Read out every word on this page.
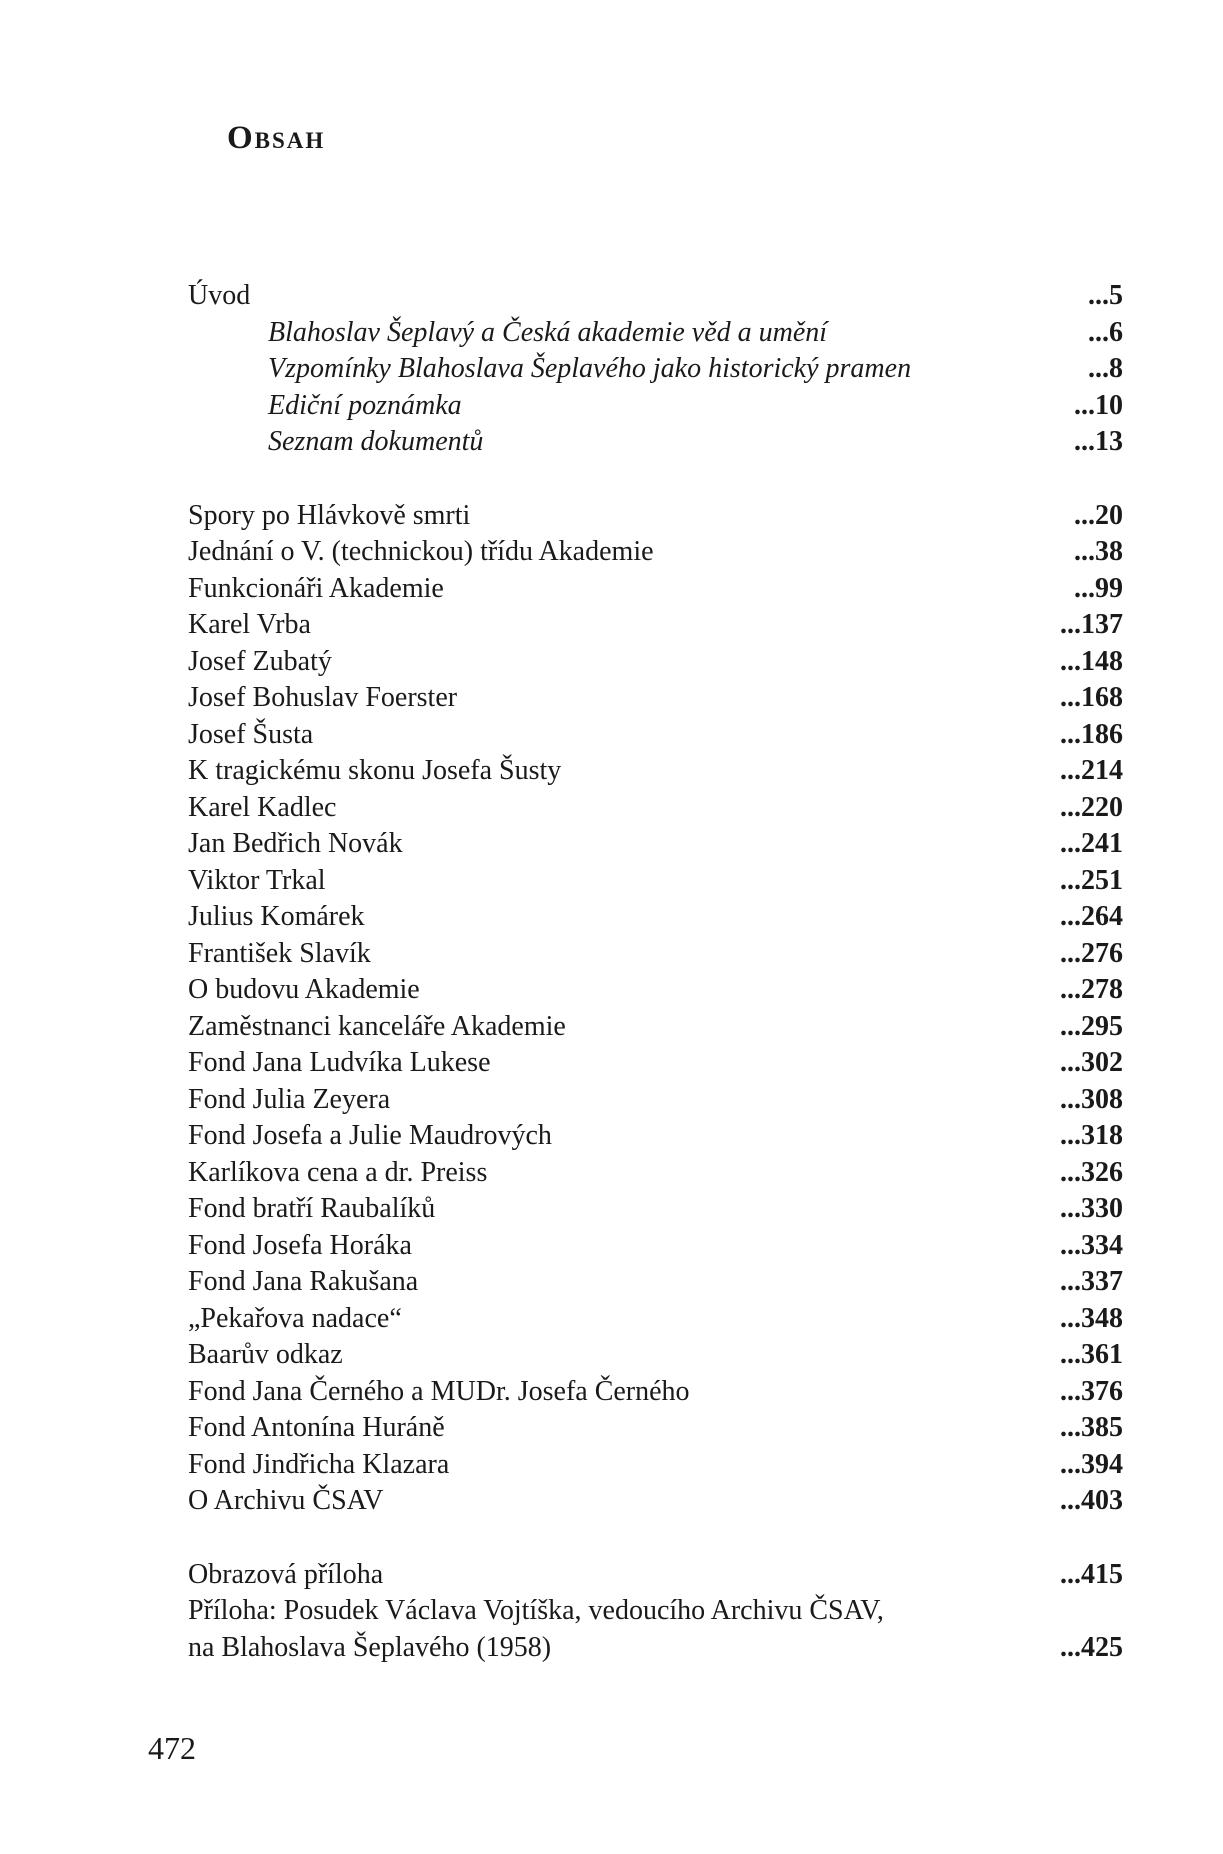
Obsah
Úvod	...5
Blahoslav Šeplavý a Česká akademie věd a umění	...6
Vzpomínky Blahoslava Šeplavého jako historický pramen	...8
Ediční poznámka	...10
Seznam dokumentů	...13
Spory po Hlávkově smrti	...20
Jednání o V. (technickou) třídu Akademie	...38
Funkcionáři Akademie	...99
Karel Vrba	...137
Josef Zubatý	...148
Josef Bohuslav Foerster	...168
Josef Šusta	...186
K tragickému skonu Josefa Šusty	...214
Karel Kadlec	...220
Jan Bedřich Novák	...241
Viktor Trkal	...251
Julius Komárek	...264
František Slavík	...276
O budovu Akademie	...278
Zaměstnanci kanceláře Akademie	...295
Fond Jana Ludvíka Lukese	...302
Fond Julia Zeyera	...308
Fond Josefa a Julie Maudrových	...318
Karlíkova cena a dr. Preiss	...326
Fond bratří Raubalíků	...330
Fond Josefa Horáka	...334
Fond Jana Rakušana	...337
„Pekařova nadace“	...348
Baarův odkaz	...361
Fond Jana Černého a MUDr. Josefa Černého	...376
Fond Antonína Huráně	...385
Fond Jindřicha Klazara	...394
O Archivu ČSAV	...403
Obrazová příloha	...415
Příloha: Posudek Václava Vojtíška, vedoucího Archivu ČSAV,
na Blahoslava Šeplavého (1958)	...425
472
